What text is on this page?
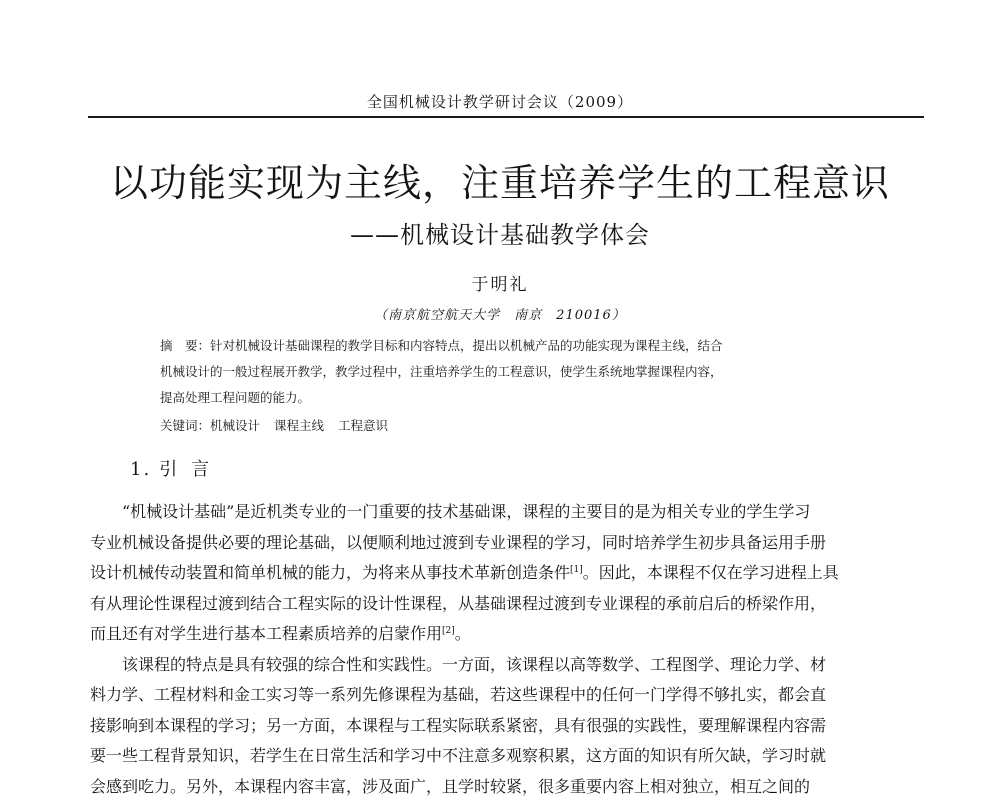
全国机械设计教学研讨会议（2009）
以功能实现为主线，注重培养学生的工程意识
——机械设计基础教学体会
于明礼
（南京航空航天大学　南京　210016）
摘　要：针对机械设计基础课程的教学目标和内容特点，提出以机械产品的功能实现为课程主线，结合
机械设计的一般过程展开教学，教学过程中，注重培养学生的工程意识，使学生系统地掌握课程内容，
提高处理工程问题的能力。
关键词：机械设计 课程主线 工程意识
1. 引言
“机械设计基础”是近机类专业的一门重要的技术基础课，课程的主要目的是为相关专业的学生学习
专业机械设备提供必要的理论基础，以便顺利地过渡到专业课程的学习，同时培养学生初步具备运用手册
设计机械传动装置和简单机械的能力，为将来从事技术革新创造条件[1]。因此，本课程不仅在学习进程上具
有从理论性课程过渡到结合工程实际的设计性课程，从基础课程过渡到专业课程的承前启后的桥梁作用，
而且还有对学生进行基本工程素质培养的启蒙作用[2]。
该课程的特点是具有较强的综合性和实践性。一方面，该课程以高等数学、工程图学、理论力学、材
料力学、工程材料和金工实习等一系列先修课程为基础，若这些课程中的任何一门学得不够扎实，都会直
接影响到本课程的学习；另一方面，本课程与工程实际联系紧密，具有很强的实践性，要理解课程内容需
要一些工程背景知识，若学生在日常生活和学习中不注意多观察积累，这方面的知识有所欠缺，学习时就
会感到吃力。另外，本课程内容丰富，涉及面广，且学时较紧，很多重要内容上相对独立，相互之间的
